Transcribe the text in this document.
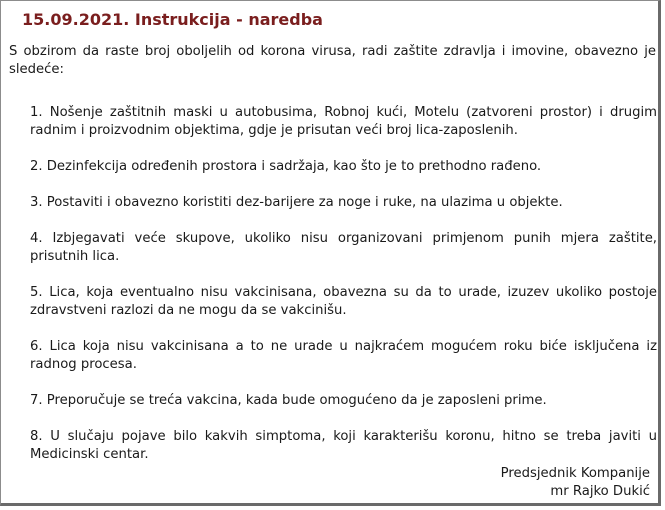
15.09.2021. Instrukcija - naredba
S obzirom da raste broj oboljelih od korona virusa, radi zaštite zdravlja i imovine, obavezno je sledeće:
1. Nošenje zaštitnih maski u autobusima, Robnoj kući, Motelu (zatvoreni prostor) i drugim radnim i proizvodnim objektima, gdje je prisutan veći broj lica-zaposlenih.
2. Dezinfekcija određenih prostora i sadržaja, kao što je to prethodno rađeno.
3. Postaviti i obavezno koristiti dez-barijere za noge i ruke, na ulazima u objekte.
4. Izbjegavati veće skupove, ukoliko nisu organizovani primjenom punih mjera zaštite, prisutnih lica.
5. Lica, koja eventualno nisu vakcinisana, obavezna su da to urade, izuzev ukoliko postoje zdravstveni razlozi da ne mogu da se vakcinišu.
6. Lica koja nisu vakcinisana a to ne urade u najkraćem mogućem roku biće isključena iz radnog procesa.
7. Preporučuje se treća vakcina, kada bude omogućeno da je zaposleni prime.
8. U slučaju pojave bilo kakvih simptoma, koji karakterišu koronu, hitno se treba javiti u Medicinski centar.
Predsjednik Kompanije
mr Rajko Dukić
